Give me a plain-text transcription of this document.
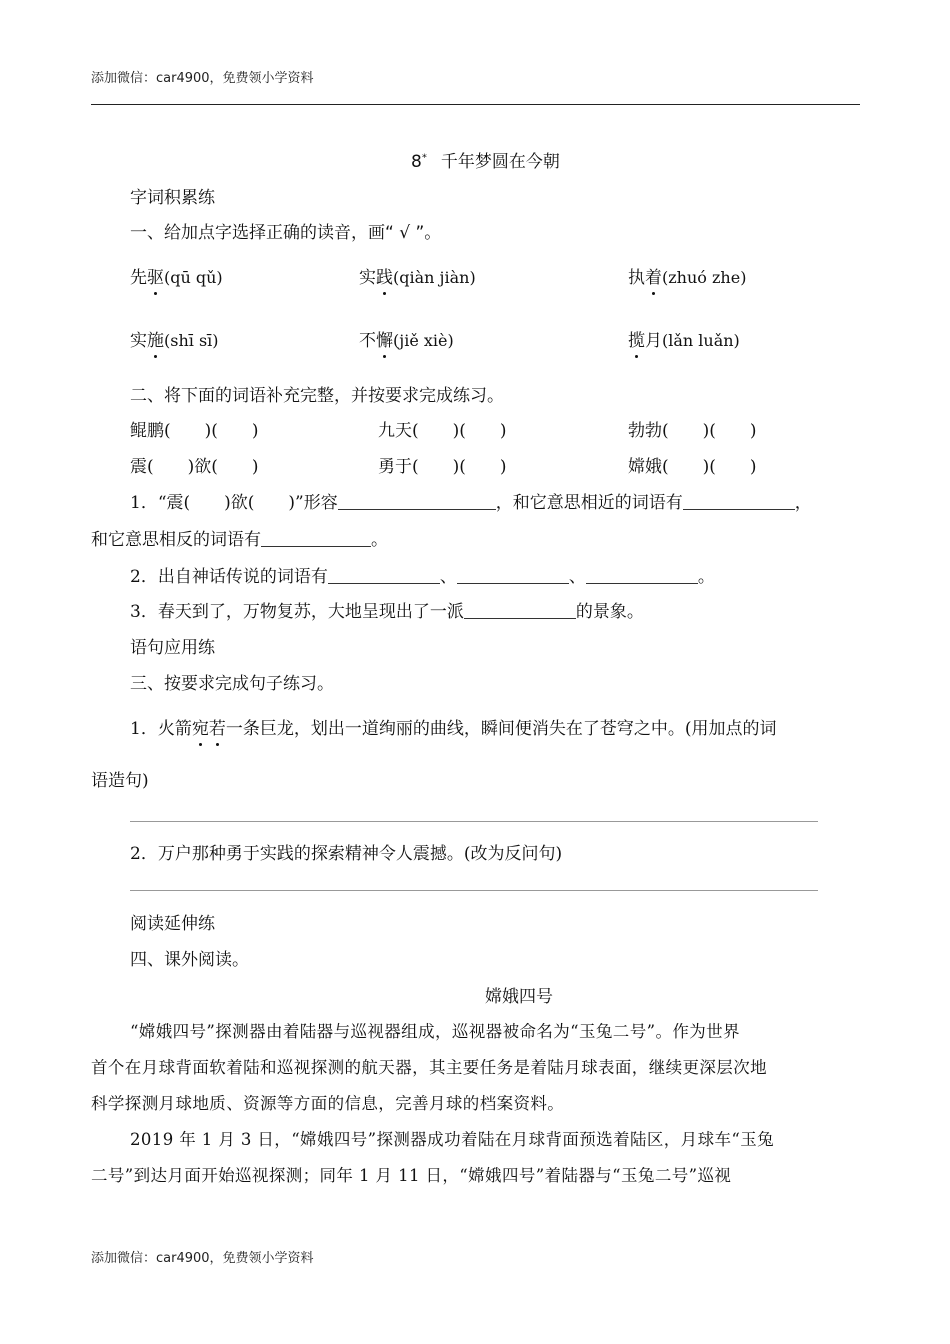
添加微信：car4900，免费领小学资料
8* 千年梦圆在今朝
字词积累练
一、给加点字选择正确的读音，画“ √ ”。
先驱(qū qǔ)	实践(qiàn jiàn)	执着(zhuó zhe)
实施(shī sī)	不懈(jiě xiè)	揽月(lǎn luǎn)
二、将下面的词语补充完整，并按要求完成练习。
鲲鹏(　　)(　　)	九天(　　)(　　)	勃勃(　　)(　　)
震(　　)欲(　　)	勇于(　　)(　　)	嫦娥(　　)(　　)
1．“震(　　)欲(　　)”形容	，和它意思相近的词语有	，
和它意思相反的词语有	。
2．出自神话传说的词语有	、	、	。
3．春天到了，万物复苏，大地呈现出了一派	的景象。
语句应用练
三、按要求完成句子练习。
1．火箭宛若一条巨龙，划出一道绚丽的曲线，瞬间便消失在了苍穹之中。(用加点的词
语造句)
2．万户那种勇于实践的探索精神令人震撼。(改为反问句)
阅读延伸练
四、课外阅读。
嫦娥四号
“嫦娥四号”探测器由着陆器与巡视器组成，巡视器被命名为“玉兔二号”。作为世界
首个在月球背面软着陆和巡视探测的航天器，其主要任务是着陆月球表面，继续更深层次地
科学探测月球地质、资源等方面的信息，完善月球的档案资料。
2019 年 1 月 3 日，“嫦娥四号”探测器成功着陆在月球背面预选着陆区，月球车“玉兔
二号”到达月面开始巡视探测；同年 1 月 11 日，“嫦娥四号”着陆器与“玉兔二号”巡视
添加微信：car4900，免费领小学资料
